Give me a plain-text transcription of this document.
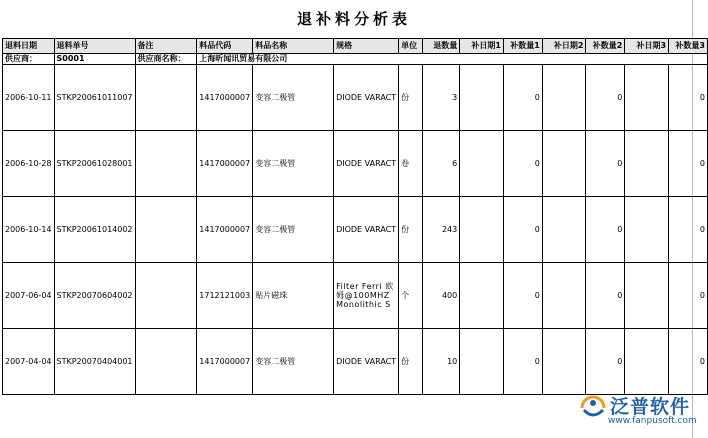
退补料分析表
退料日期	退料单号	备注	料品代码	料品名称	规格	单位	退数量	补日期1	补数量1	补日期2	补数量2	补日期3	补数量3
供应商：	S0001	供应商名称：	上海昕闻讯贸易有限公司										
2006-10-11	STKP20061011007		1417000007	变容二极管	DIODE VARACT	份	3		0		0		0
2006-10-28	STKP20061028001		1417000007	变容二极管	DIODE VARACT	卷	6		0		0		0
2006-10-14	STKP20061014002		1417000007	变容二极管	DIODE VARACT	份	243		0		0		0
2007-06-04	STKP20070604002		1712121003	贴片磁珠	Filter Ferri 欧姆@100MHZ Monolithic S	个	400		0		0		0
2007-04-04	STKP20070404001		1417000007	变容二极管	DIODE VARACT	份	10		0		0		0
泛普软件
www.fanpusoft.com
